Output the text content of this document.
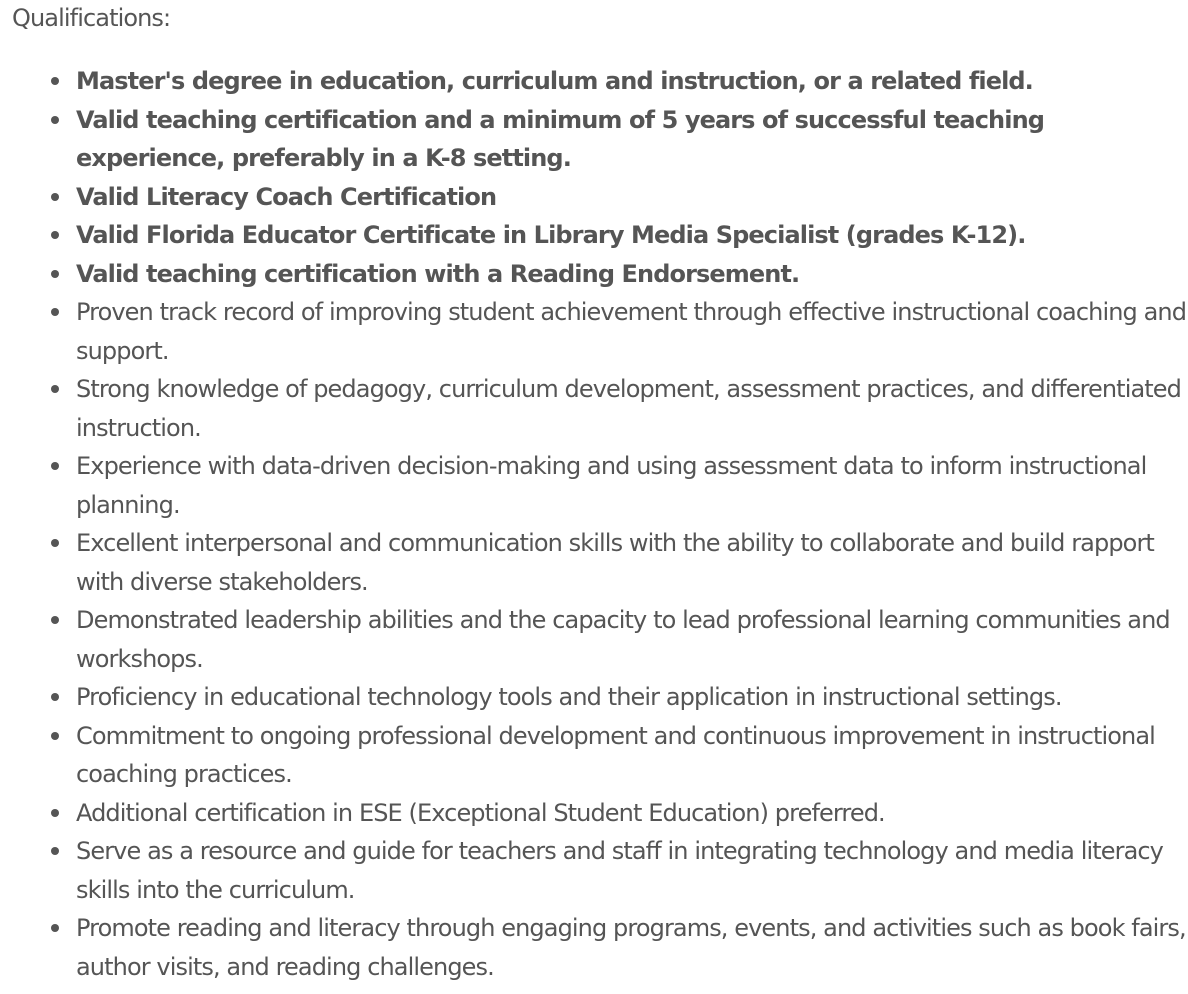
Qualifications:

Master's degree in education, curriculum and instruction, or a related field.
Valid teaching certification and a minimum of 5 years of successful teaching experience, preferably in a K-8 setting.
Valid Literacy Coach Certification
Valid Florida Educator Certificate in Library Media Specialist (grades K-12).
Valid teaching certification with a Reading Endorsement.
Proven track record of improving student achievement through effective instructional coaching and support.
Strong knowledge of pedagogy, curriculum development, assessment practices, and differentiated instruction.
Experience with data-driven decision-making and using assessment data to inform instructional planning.
Excellent interpersonal and communication skills with the ability to collaborate and build rapport with diverse stakeholders.
Demonstrated leadership abilities and the capacity to lead professional learning communities and workshops.
Proficiency in educational technology tools and their application in instructional settings.
Commitment to ongoing professional development and continuous improvement in instructional coaching practices.
Additional certification in ESE (Exceptional Student Education) preferred.
Serve as a resource and guide for teachers and staff in integrating technology and media literacy skills into the curriculum.
Promote reading and literacy through engaging programs, events, and activities such as book fairs, author visits, and reading challenges.
